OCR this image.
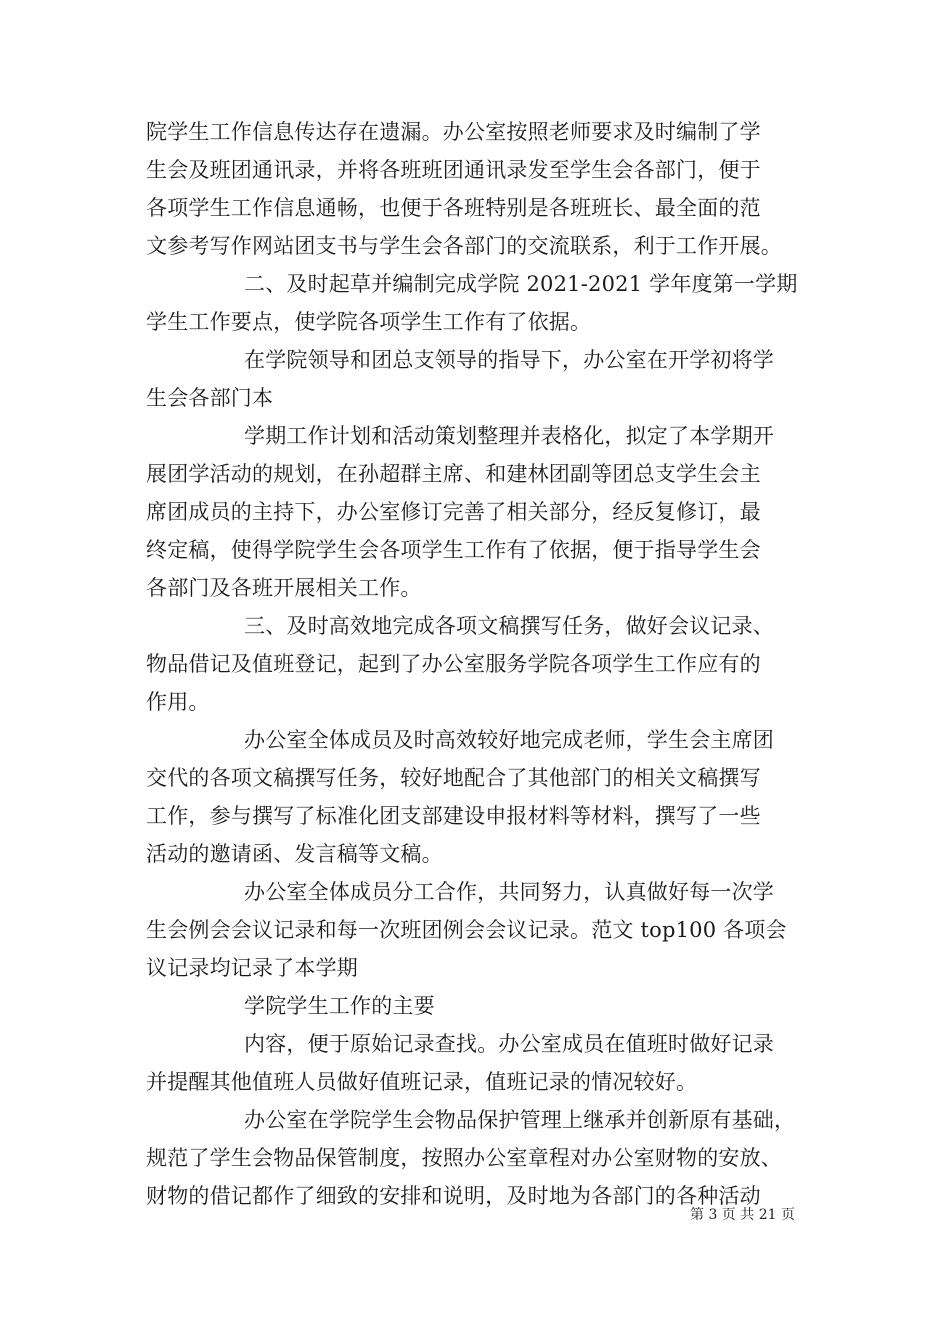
院学生工作信息传达存在遗漏。办公室按照老师要求及时编制了学
生会及班团通讯录，并将各班班团通讯录发至学生会各部门，便于
各项学生工作信息通畅，也便于各班特别是各班班长、最全面的范
文参考写作网站团支书与学生会各部门的交流联系，利于工作开展。
二、及时起草并编制完成学院 2021-2021 学年度第一学期
学生工作要点，使学院各项学生工作有了依据。
在学院领导和团总支领导的指导下，办公室在开学初将学
生会各部门本
学期工作计划和活动策划整理并表格化，拟定了本学期开
展团学活动的规划，在孙超群主席、和建林团副等团总支学生会主
席团成员的主持下，办公室修订完善了相关部分，经反复修订，最
终定稿，使得学院学生会各项学生工作有了依据，便于指导学生会
各部门及各班开展相关工作。
三、及时高效地完成各项文稿撰写任务，做好会议记录、
物品借记及值班登记，起到了办公室服务学院各项学生工作应有的
作用。
办公室全体成员及时高效较好地完成老师，学生会主席团
交代的各项文稿撰写任务，较好地配合了其他部门的相关文稿撰写
工作，参与撰写了标准化团支部建设申报材料等材料，撰写了一些
活动的邀请函、发言稿等文稿。
办公室全体成员分工合作，共同努力，认真做好每一次学
生会例会会议记录和每一次班团例会会议记录。范文 top100 各项会
议记录均记录了本学期
学院学生工作的主要
内容，便于原始记录查找。办公室成员在值班时做好记录
并提醒其他值班人员做好值班记录，值班记录的情况较好。
办公室在学院学生会物品保护管理上继承并创新原有基础，
规范了学生会物品保管制度，按照办公室章程对办公室财物的安放、
财物的借记都作了细致的安排和说明，及时地为各部门的各种活动
第 3 页 共 21 页
